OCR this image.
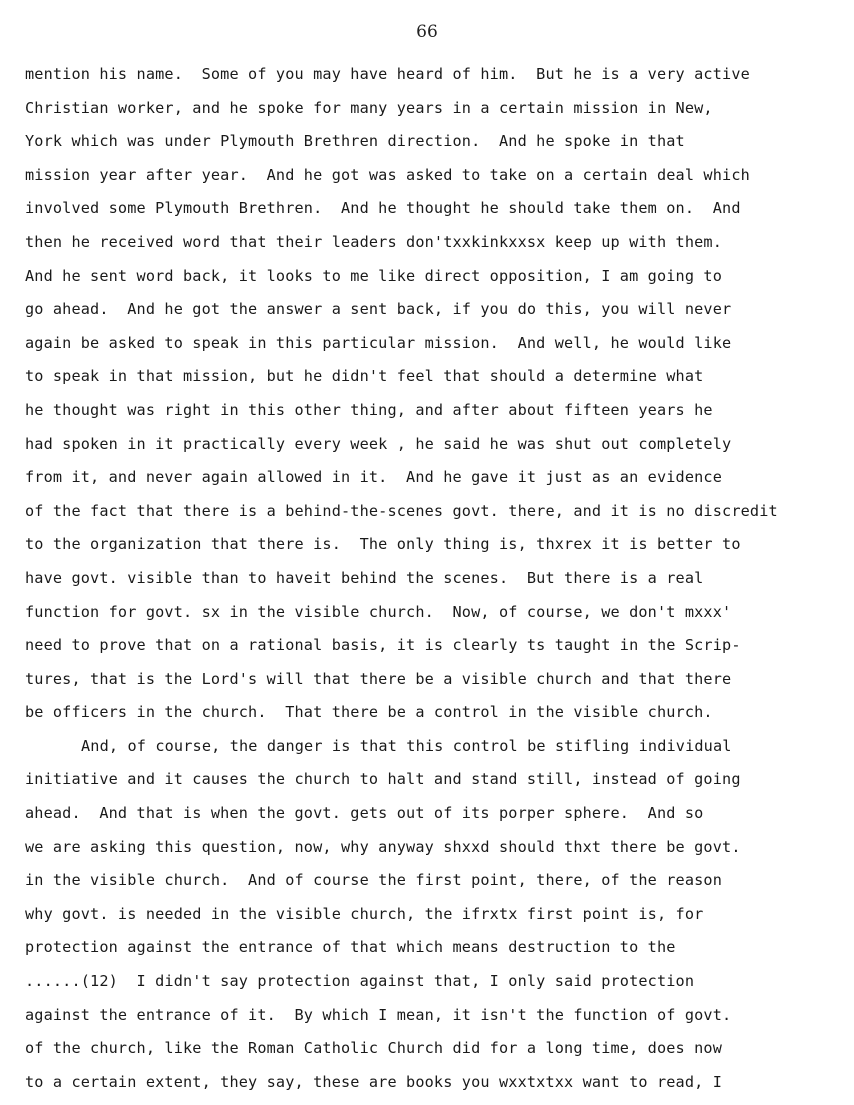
66
mention his name.  Some of you may have heard of him.  But he is a very active
Christian worker, and he spoke for many years in a certain mission in New,
York which was under Plymouth Brethren direction.  And he spoke in that
mission year after year.  And he got was asked to take on a certain deal which
involved some Plymouth Brethren.  And he thought he should take them on.  And
then he received word that their leaders don'txxkinkxxsx keep up with them.
And he sent word back, it looks to me like direct opposition, I am going to
go ahead.  And he got the answer a sent back, if you do this, you will never
again be asked to speak in this particular mission.  And well, he would like
to speak in that mission, but he didn't feel that should a determine what
he thought was right in this other thing, and after about fifteen years he
had spoken in it practically every week , he said he was shut out completely
from it, and never again allowed in it.  And he gave it just as an evidence
of the fact that there is a behind-the-scenes govt. there, and it is no discredit
to the organization that there is.  The only thing is, thxrex it is better to
have govt. visible than to haveit behind the scenes.  But there is a real
function for govt. sx in the visible church.  Now, of course, we don't mxxx'
need to prove that on a rational basis, it is clearly ts taught in the Scrip-
tures, that is the Lord's will that there be a visible church and that there
be officers in the church.  That there be a control in the visible church.
And, of course, the danger is that this control be stifling individual
initiative and it causes the church to halt and stand still, instead of going
ahead.  And that is when the govt. gets out of its porper sphere.  And so
we are asking this question, now, why anyway shxxd should thxt there be govt.
in the visible church.  And of course the first point, there, of the reason
why govt. is needed in the visible church, the ifrxtx first point is, for
protection against the entrance of that which means destruction to the
......(12)  I didn't say protection against that, I only said protection
against the entrance of it.  By which I mean, it isn't the function of govt.
of the church, like the Roman Catholic Church did for a long time, does now
to a certain extent, they say, these are books you wxxtxtxx want to read, I
